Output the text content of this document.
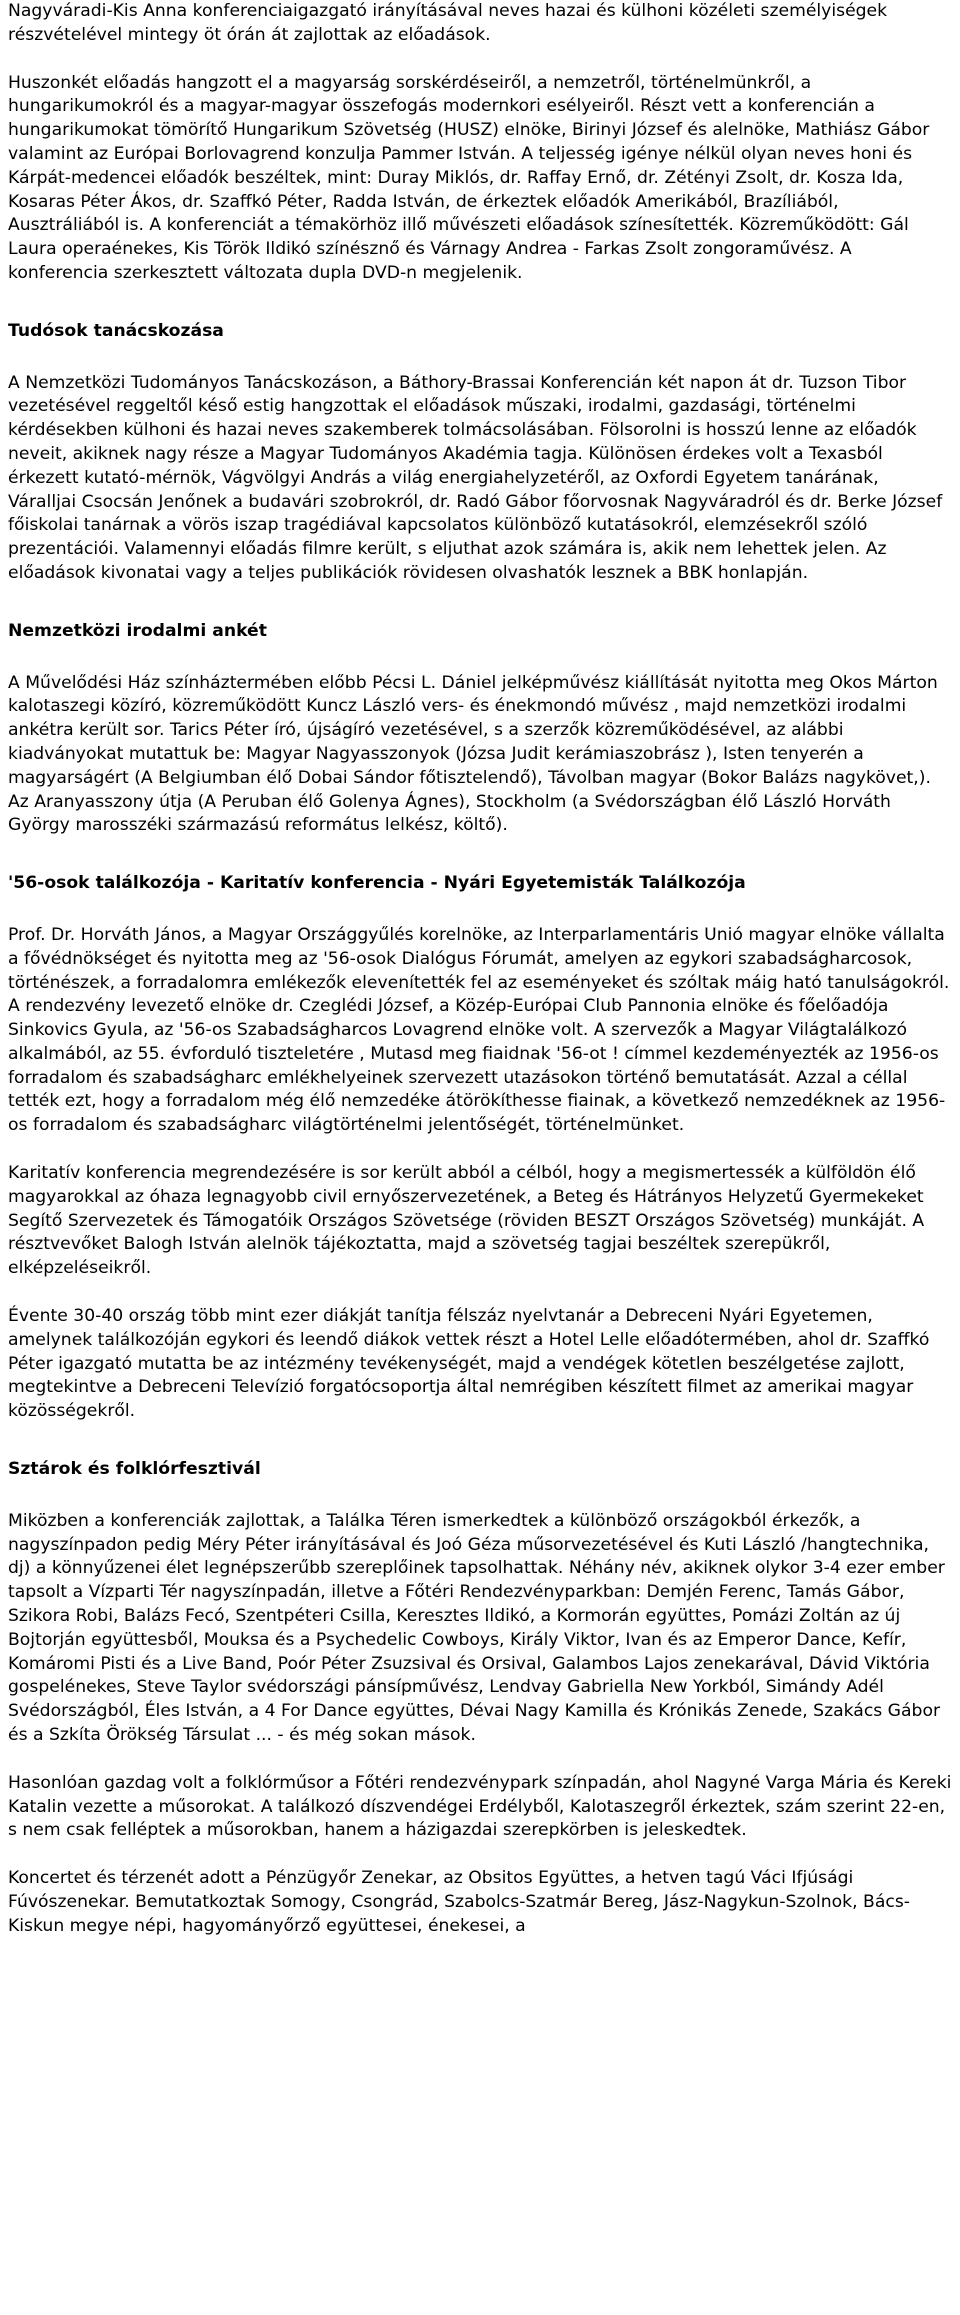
Nagyváradi-Kis Anna konferenciaigazgató irányításával neves hazai és külhoni közéleti személyiségek részvételével mintegy öt órán át zajlottak az előadások.

Huszonkét előadás hangzott el a magyarság sorskérdéseiről, a nemzetről, történelmünkről, a hungarikumokról és a magyar-magyar összefogás modernkori esélyeiről. Részt vett a konferencián a hungarikumokat tömörítő Hungarikum Szövetség (HUSZ) elnöke, Birinyi József és alelnöke, Mathiász Gábor valamint az Európai Borlovagrend konzulja Pammer István. A teljesség igénye nélkül olyan neves honi és Kárpát-medencei előadók beszéltek, mint: Duray Miklós, dr. Raffay Ernő, dr. Zétényi Zsolt, dr. Kosza Ida, Kosaras Péter Ákos, dr. Szaffkó Péter, Radda István, de érkeztek előadók Amerikából, Brazíliából, Ausztráliából is. A konferenciát a témakörhöz illő művészeti előadások színesítették. Közreműködött: Gál Laura operaénekes, Kis Török Ildikó színésznő és Várnagy Andrea - Farkas Zsolt zongoraművész. A konferencia szerkesztett változata dupla DVD-n megjelenik.

Tudósok tanácskozása

A Nemzetközi Tudományos Tanácskozáson, a Báthory-Brassai Konferencián két napon át dr. Tuzson Tibor vezetésével reggeltől késő estig hangzottak el előadások műszaki, irodalmi, gazdasági, történelmi kérdésekben külhoni és hazai neves szakemberek tolmácsolásában. Fölsorolni is hosszú lenne az előadók neveit, akiknek nagy része a Magyar Tudományos Akadémia tagja. Különösen érdekes volt a Texasból érkezett kutató-mérnök, Vágvölgyi András a világ energiahelyzetéről, az Oxfordi Egyetem tanárának, Váralljai Csocsán Jenőnek a budavári szobrokról, dr. Radó Gábor főorvosnak Nagyváradról és dr. Berke József főiskolai tanárnak a vörös iszap tragédiával kapcsolatos különböző kutatásokról, elemzésekről szóló prezentációi. Valamennyi előadás filmre került, s eljuthat azok számára is, akik nem lehettek jelen. Az előadások kivonatai vagy a teljes publikációk rövidesen olvashatók lesznek a BBK honlapján.

Nemzetközi irodalmi ankét

A Művelődési Ház színháztermében előbb Pécsi L. Dániel jelképművész kiállítását nyitotta meg Okos Márton kalotaszegi közíró, közreműködött Kuncz László vers- és énekmondó művész , majd nemzetközi irodalmi ankétra került sor. Tarics Péter író, újságíró vezetésével, s a szerzők közreműködésével, az alábbi kiadványokat mutattuk be: Magyar Nagyasszonyok (Józsa Judit kerámiaszobrász ), Isten tenyerén a magyarságért (A Belgiumban élő Dobai Sándor főtisztelendő), Távolban magyar (Bokor Balázs nagykövet,). Az Aranyasszony útja (A Peruban élő Golenya Ágnes), Stockholm (a Svédországban élő László Horváth György marosszéki származású református lelkész, költő).

'56-osok találkozója - Karitatív konferencia - Nyári Egyetemisták Találkozója

Prof. Dr. Horváth János, a Magyar Országgyűlés korelnöke, az Interparlamentáris Unió magyar elnöke vállalta a fővédnökséget és nyitotta meg az '56-osok Dialógus Fórumát, amelyen az egykori szabadságharcosok, történészek, a forradalomra emlékezők elevenítették fel az eseményeket és szóltak máig ható tanulságokról. A rendezvény levezető elnöke dr. Czeglédi József, a Közép-Európai Club Pannonia elnöke és főelőadója Sinkovics Gyula, az '56-os Szabadságharcos Lovagrend elnöke volt. A szervezők a Magyar Világtalálkozó alkalmából, az 55. évforduló tiszteletére , Mutasd meg fiaidnak '56-ot ! címmel kezdeményezték az 1956-os forradalom és szabadságharc emlékhelyeinek szervezett utazásokon történő bemutatását. Azzal a céllal tették ezt, hogy a forradalom még élő nemzedéke átörökíthesse fiainak, a következő nemzedéknek az 1956-os forradalom és szabadságharc világtörténelmi jelentőségét, történelmünket.

Karitatív konferencia megrendezésére is sor került abból a célból, hogy a megismertessék a külföldön élő magyarokkal az óhaza legnagyobb civil ernyőszervezetének, a Beteg és Hátrányos Helyzetű Gyermekeket Segítő Szervezetek és Támogatóik Országos Szövetsége (röviden BESZT Országos Szövetség) munkáját. A résztvevőket Balogh István alelnök tájékoztatta, majd a szövetség tagjai beszéltek szerepükről, elképzeléseikről.

Évente 30-40 ország több mint ezer diákját tanítja félszáz nyelvtanár a Debreceni Nyári Egyetemen, amelynek találkozóján egykori és leendő diákok vettek részt a Hotel Lelle előadótermében, ahol dr. Szaffkó Péter igazgató mutatta be az intézmény tevékenységét, majd a vendégek kötetlen beszélgetése zajlott, megtekintve a Debreceni Televízió forgatócsoportja által nemrégiben készített filmet az amerikai magyar közösségekről.

Sztárok és folklórfesztivál

Miközben a konferenciák zajlottak, a Találka Téren ismerkedtek a különböző országokból érkezők, a nagyszínpadon pedig Méry Péter irányításával és Joó Géza műsorvezetésével és Kuti László /hangtechnika, dj) a könnyűzenei élet legnépszerűbb szereplőinek tapsolhattak. Néhány név, akiknek olykor 3-4 ezer ember tapsolt a Vízparti Tér nagyszínpadán, illetve a Főtéri Rendezvényparkban: Demjén Ferenc, Tamás Gábor, Szikora Robi, Balázs Fecó, Szentpéteri Csilla, Keresztes Ildikó, a Kormorán együttes, Pomázi Zoltán az új Bojtorján együttesből, Mouksa és a Psychedelic Cowboys, Király Viktor, Ivan és az Emperor Dance, Kefír, Komáromi Pisti és a Live Band, Poór Péter Zsuzsival és Orsival, Galambos Lajos zenekarával, Dávid Viktória gospelénekes, Steve Taylor svédországi pánsípművész, Lendvay Gabriella New Yorkból, Simándy Adél Svédországból, Éles István, a 4 For Dance együttes, Dévai Nagy Kamilla és Krónikás Zenede, Szakács Gábor és a Szkíta Örökség Társulat ... - és még sokan mások.

Hasonlóan gazdag volt a folklórműsor a Főtéri rendezvénypark színpadán, ahol Nagyné Varga Mária és Kereki Katalin vezette a műsorokat. A találkozó díszvendégei Erdélyből, Kalotaszegről érkeztek, szám szerint 22-en, s nem csak felléptek a műsorokban, hanem a házigazdai szerepkörben is jeleskedtek.

Koncertet és térzenét adott a Pénzügyőr Zenekar, az Obsitos Együttes, a hetven tagú Váci Ifjúsági Fúvószenekar. Bemutatkoztak Somogy, Csongrád, Szabolcs-Szatmár Bereg, Jász-Nagykun-Szolnok, Bács-Kiskun megye népi, hagyományőrző együttesei, énekesei, a
